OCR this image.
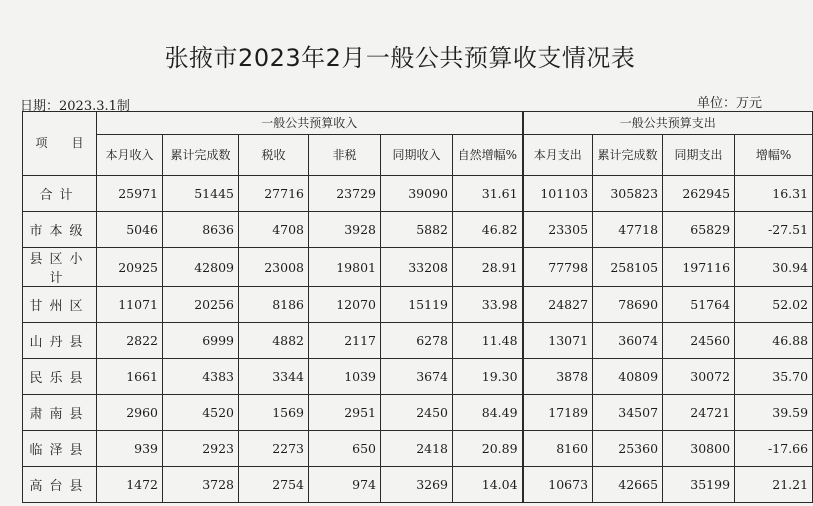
张掖市2023年2月一般公共预算收支情况表
日期：2023.3.1制	单位：万元
项　　目	一般公共预算收入						一般公共预算支出			
	本月收入	累计完成数	税收	非税	同期收入	自然增幅%	本月支出	累计完成数	同期支出	增幅%
合计	25971	51445	27716	23729	39090	31.61	101103	305823	262945	16.31
市本级	5046	8636	4708	3928	5882	46.82	23305	47718	65829	-27.51
县区小计	20925	42809	23008	19801	33208	28.91	77798	258105	197116	30.94
甘州区	11071	20256	8186	12070	15119	33.98	24827	78690	51764	52.02
山丹县	2822	6999	4882	2117	6278	11.48	13071	36074	24560	46.88
民乐县	1661	4383	3344	1039	3674	19.30	3878	40809	30072	35.70
肃南县	2960	4520	1569	2951	2450	84.49	17189	34507	24721	39.59
临泽县	939	2923	2273	650	2418	20.89	8160	25360	30800	-17.66
高台县	1472	3728	2754	974	3269	14.04	10673	42665	35199	21.21
